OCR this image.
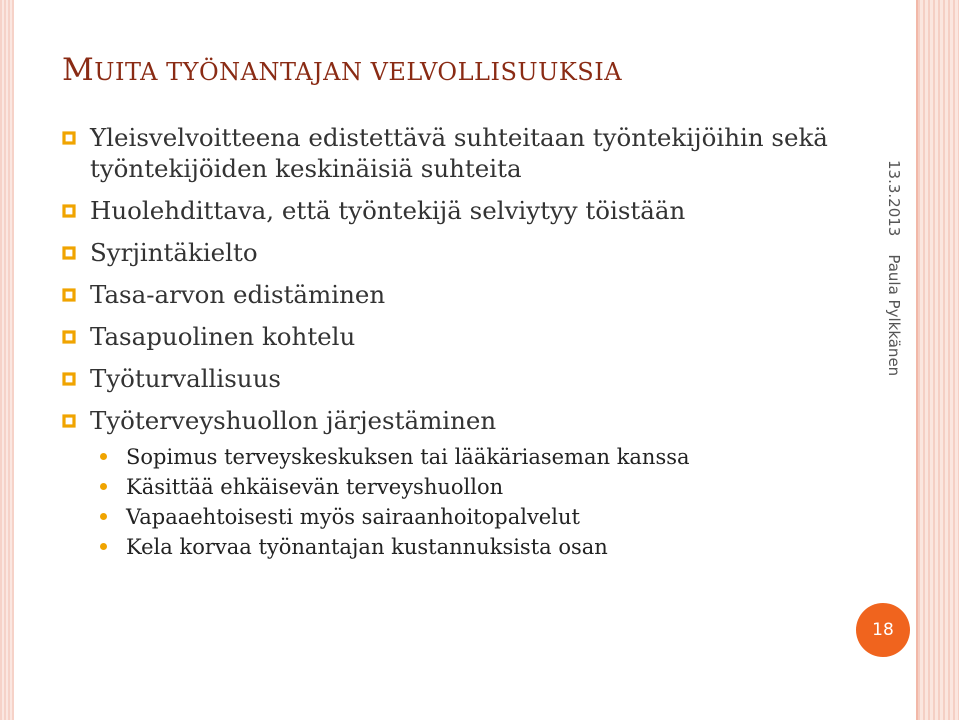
MUITA TYÖNANTAJAN VELVOLLISUUKSIA
Yleisvelvoitteena edistettävä suhteitaan työntekijöihin sekä työntekijöiden keskinäisiä suhteita
Huolehdittava, että työntekijä selviytyy töistään
Syrjintäkielto
Tasa-arvon edistäminen
Tasapuolinen kohtelu
Työturvallisuus
Työterveyshuollon järjestäminen
Sopimus terveyskeskuksen tai lääkäriaseman kanssa
Käsittää ehkäisevän terveyshuollon
Vapaaehtoisesti myös sairaanhoitopalvelut
Kela korvaa työnantajan kustannuksista osan
13.3.2013Paula Pylkkänen
18
